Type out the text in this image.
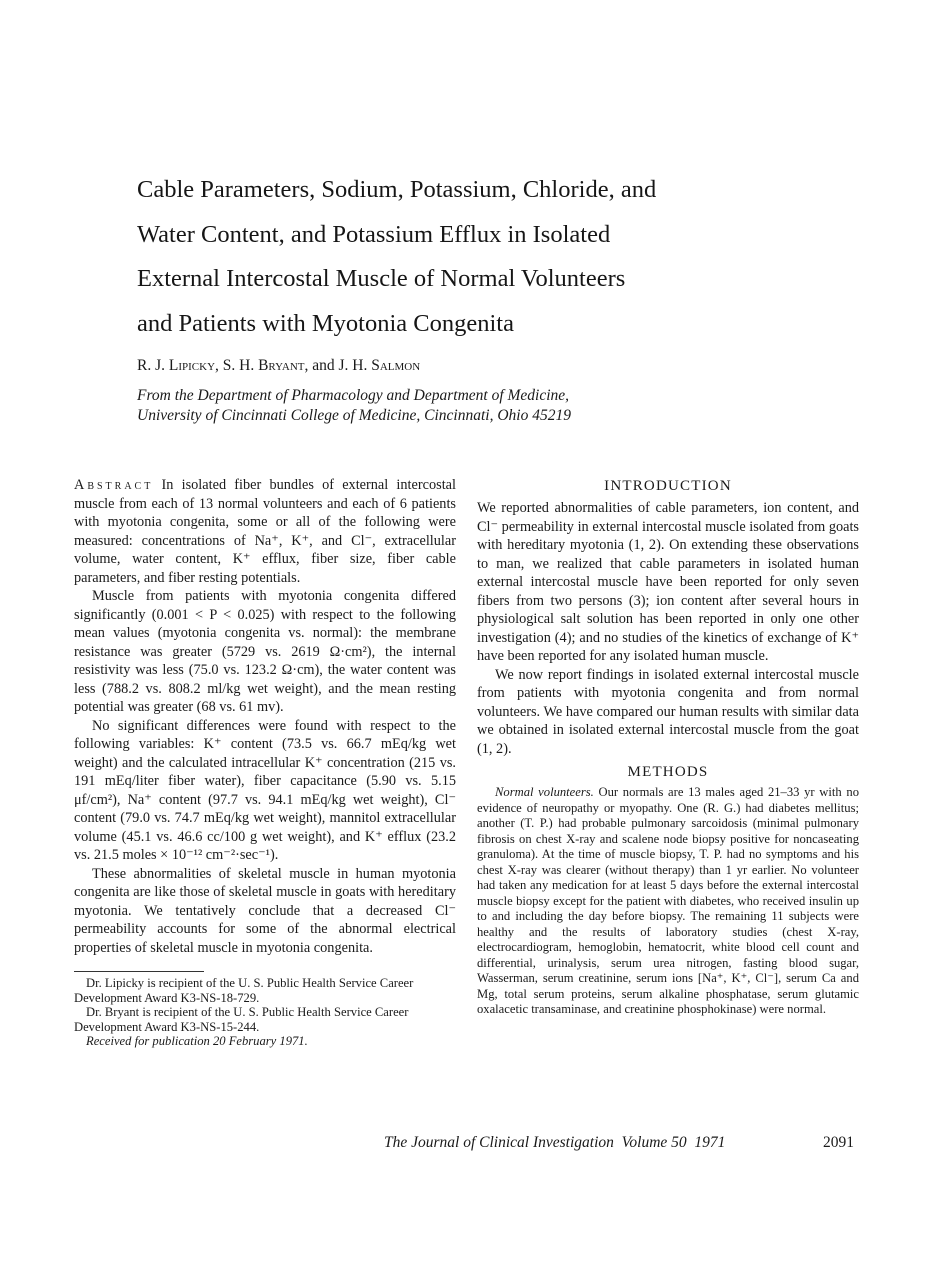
Cable Parameters, Sodium, Potassium, Chloride, and
Water Content, and Potassium Efflux in Isolated
External Intercostal Muscle of Normal Volunteers
and Patients with Myotonia Congenita
R. J. Lipicky, S. H. Bryant, and J. H. Salmon
From the Department of Pharmacology and Department of Medicine,
University of Cincinnati College of Medicine, Cincinnati, Ohio 45219

Abstract In isolated fiber bundles of external intercostal muscle from each of 13 normal volunteers and each of 6 patients with myotonia congenita, some or all of the following were measured: concentrations of Na⁺, K⁺, and Cl⁻, extracellular volume, water content, K⁺ efflux, fiber size, fiber cable parameters, and fiber resting potentials.

Muscle from patients with myotonia congenita differed significantly (0.001 < P < 0.025) with respect to the following mean values (myotonia congenita vs. normal): the membrane resistance was greater (5729 vs. 2619 Ω·cm²), the internal resistivity was less (75.0 vs. 123.2 Ω·cm), the water content was less (788.2 vs. 808.2 ml/kg wet weight), and the mean resting potential was greater (68 vs. 61 mv).

No significant differences were found with respect to the following variables: K⁺ content (73.5 vs. 66.7 mEq/kg wet weight) and the calculated intracellular K⁺ concentration (215 vs. 191 mEq/liter fiber water), fiber capacitance (5.90 vs. 5.15 μf/cm²), Na⁺ content (97.7 vs. 94.1 mEq/kg wet weight), Cl⁻ content (79.0 vs. 74.7 mEq/kg wet weight), mannitol extracellular volume (45.1 vs. 46.6 cc/100 g wet weight), and K⁺ efflux (23.2 vs. 21.5 moles × 10⁻¹² cm⁻²·sec⁻¹).

These abnormalities of skeletal muscle in human myotonia congenita are like those of skeletal muscle in goats with hereditary myotonia. We tentatively conclude that a decreased Cl⁻ permeability accounts for some of the abnormal electrical properties of skeletal muscle in myotonia congenita.

Dr. Lipicky is recipient of the U. S. Public Health Service Career Development Award K3-NS-18-729.

Dr. Bryant is recipient of the U. S. Public Health Service Career Development Award K3-NS-15-244.

Received for publication 20 February 1971.

INTRODUCTION

We reported abnormalities of cable parameters, ion content, and Cl⁻ permeability in external intercostal muscle isolated from goats with hereditary myotonia (1, 2). On extending these observations to man, we realized that cable parameters in isolated human external intercostal muscle have been reported for only seven fibers from two persons (3); ion content after several hours in physiological salt solution has been reported in only one other investigation (4); and no studies of the kinetics of exchange of K⁺ have been reported for any isolated human muscle.

We now report findings in isolated external intercostal muscle from patients with myotonia congenita and from normal volunteers. We have compared our human results with similar data we obtained in isolated external intercostal muscle from the goat (1, 2).

METHODS

Normal volunteers. Our normals are 13 males aged 21–33 yr with no evidence of neuropathy or myopathy. One (R. G.) had diabetes mellitus; another (T. P.) had probable pulmonary sarcoidosis (minimal pulmonary fibrosis on chest X-ray and scalene node biopsy positive for noncaseating granuloma). At the time of muscle biopsy, T. P. had no symptoms and his chest X-ray was clearer (without therapy) than 1 yr earlier. No volunteer had taken any medication for at least 5 days before the external intercostal muscle biopsy except for the patient with diabetes, who received insulin up to and including the day before biopsy. The remaining 11 subjects were healthy and the results of laboratory studies (chest X-ray, electrocardiogram, hemoglobin, hematocrit, white blood cell count and differential, urinalysis, serum urea nitrogen, fasting blood sugar, Wasserman, serum creatinine, serum ions [Na⁺, K⁺, Cl⁻], serum Ca and Mg, total serum proteins, serum alkaline phosphatase, serum glutamic oxalacetic transaminase, and creatinine phosphokinase) were normal.

The Journal of Clinical Investigation Volume 50 1971	2091
